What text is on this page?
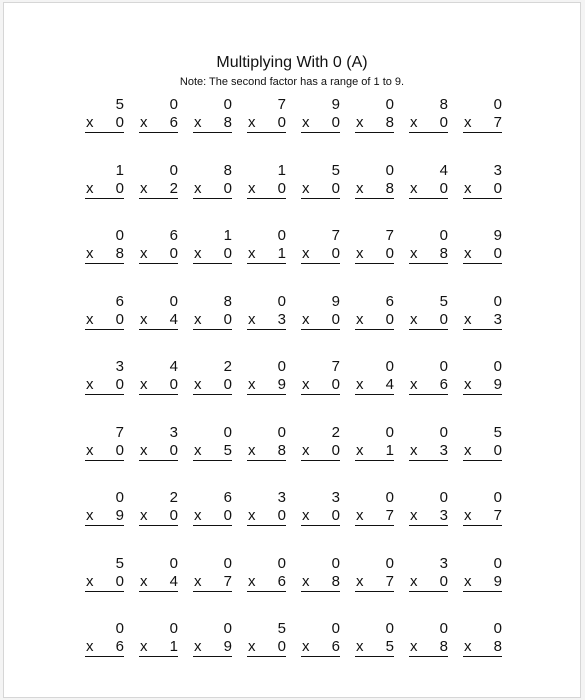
Multiplying With 0 (A)
Note: The second factor has a range of 1 to 9.
5
x 0
0
x 6
0
x 8
7
x 0
9
x 0
0
x 8
8
x 0
0
x 7
1
x 0
0
x 2
8
x 0
1
x 0
5
x 0
0
x 8
4
x 0
3
x 0
0
x 8
6
x 0
1
x 0
0
x 1
7
x 0
7
x 0
0
x 8
9
x 0
6
x 0
0
x 4
8
x 0
0
x 3
9
x 0
6
x 0
5
x 0
0
x 3
3
x 0
4
x 0
2
x 0
0
x 9
7
x 0
0
x 4
0
x 6
0
x 9
7
x 0
3
x 0
0
x 5
0
x 8
2
x 0
0
x 1
0
x 3
5
x 0
0
x 9
2
x 0
6
x 0
3
x 0
3
x 0
0
x 7
0
x 3
0
x 7
5
x 0
0
x 4
0
x 7
0
x 6
0
x 8
0
x 7
3
x 0
0
x 9
0
x 6
0
x 1
0
x 9
5
x 0
0
x 6
0
x 5
0
x 8
0
x 8
